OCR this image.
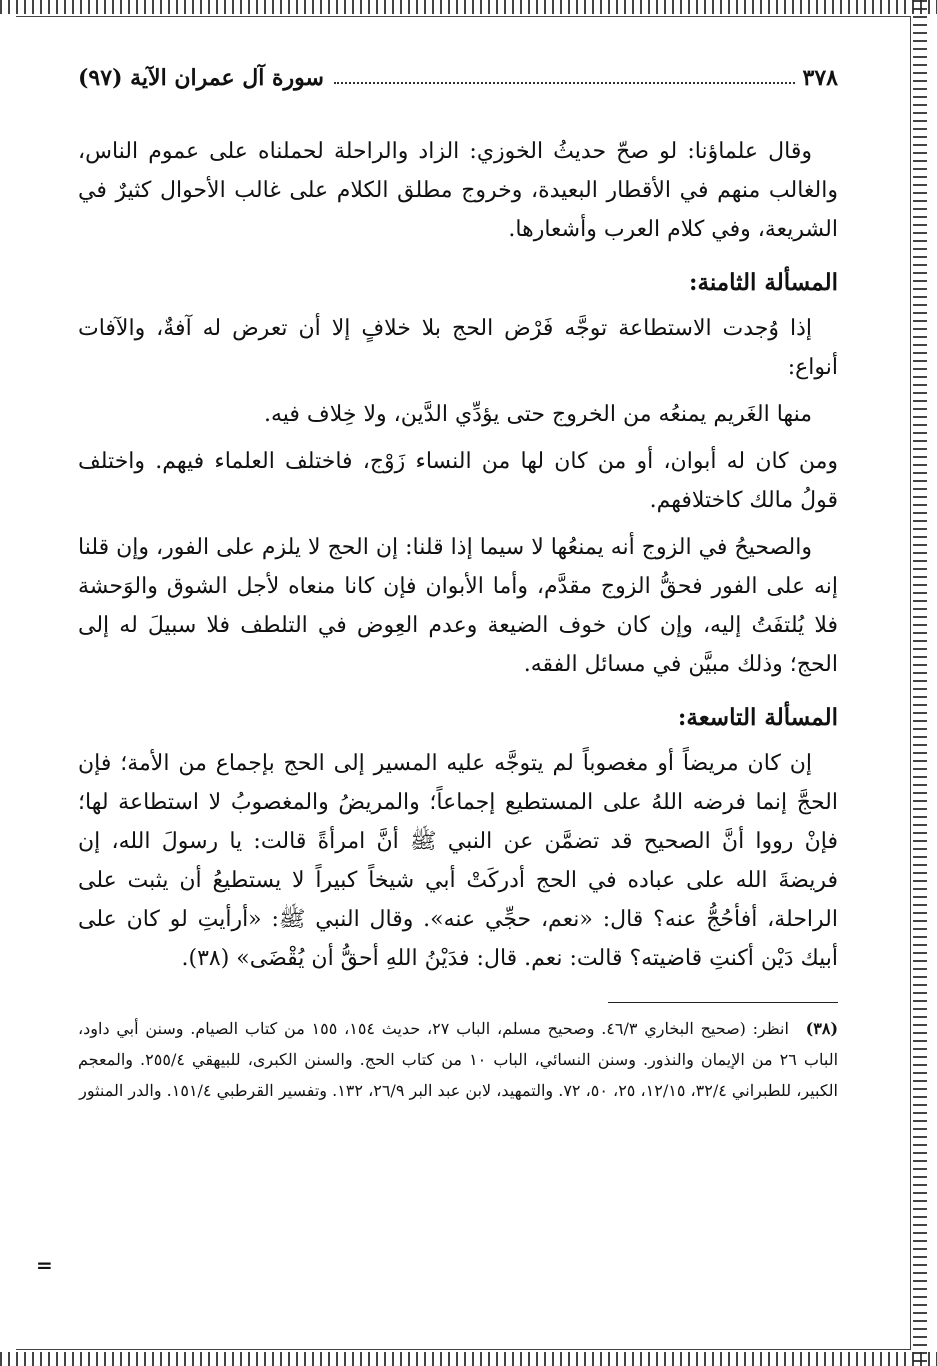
٣٧٨
سورة آل عمران الآية (٩٧)

وقال علماؤنا: لو صحّ حديثُ الخوزي: الزاد والراحلة لحملناه على عموم الناس، والغالب منهم في الأقطار البعيدة، وخروج مطلق الكلام على غالب الأحوال كثيرٌ في الشريعة، وفي كلام العرب وأشعارها.

المسألة الثامنة:

إذا وُجدت الاستطاعة توجَّه فَرْض الحج بلا خلافٍ إلا أن تعرض له آفةٌ، والآفات أنواع:

منها الغَريم يمنعُه من الخروج حتى يؤدِّي الدَّين، ولا خِلاف فيه.

ومن كان له أبوان، أو من كان لها من النساء زَوْج، فاختلف العلماء فيهم. واختلف قولُ مالك كاختلافهم.

والصحيحُ في الزوج أنه يمنعُها لا سيما إذا قلنا: إن الحج لا يلزم على الفور، وإن قلنا إنه على الفور فحقُّ الزوج مقدَّم، وأما الأبوان فإن كانا منعاه لأجل الشوق والوَحشة فلا يُلتفَتُ إليه، وإن كان خوف الضيعة وعدم العِوض في التلطف فلا سبيلَ له إلى الحج؛ وذلك مبيَّن في مسائل الفقه.

المسألة التاسعة:

إن كان مريضاً أو مغصوباً لم يتوجَّه عليه المسير إلى الحج بإجماع من الأمة؛ فإن الحجَّ إنما فرضه اللهُ على المستطيع إجماعاً؛ والمريضُ والمغصوبُ لا استطاعة لها؛ فإنْ رووا أنَّ الصحيح قد تضمَّن عن النبي ﷺ أنَّ امرأةً قالت: يا رسولَ الله، إن فريضةَ الله على عباده في الحج أدركَتْ أبي شيخاً كبيراً لا يستطيعُ أن يثبت على الراحلة، أفأحُجُّ عنه؟ قال: «نعم، حجِّي عنه». وقال النبي ﷺ: «أرأيتِ لو كان على أبيك دَيْن أكنتِ قاضيته؟ قالت: نعم. قال: فدَيْنُ اللهِ أحقُّ أن يُقْضَى» (٣٨).

(٣٨) انظر: (صحيح البخاري ٤٦/٣. وصحيح مسلم، الباب ٢٧، حديث ١٥٤، ١٥٥ من كتاب الصيام. وسنن أبي داود، الباب ٢٦ من الإيمان والنذور. وسنن النسائي، الباب ١٠ من كتاب الحج. والسنن الكبرى، للبيهقي ٢٥٥/٤. والمعجم الكبير، للطبراني ٣٢/٤، ١٢/١٥، ٢٥، ٥٠، ٧٢. والتمهيد، لابن عبد البر ٢٦/٩، ١٣٢. وتفسير القرطبي ١٥١/٤. والدر المنثور
=
